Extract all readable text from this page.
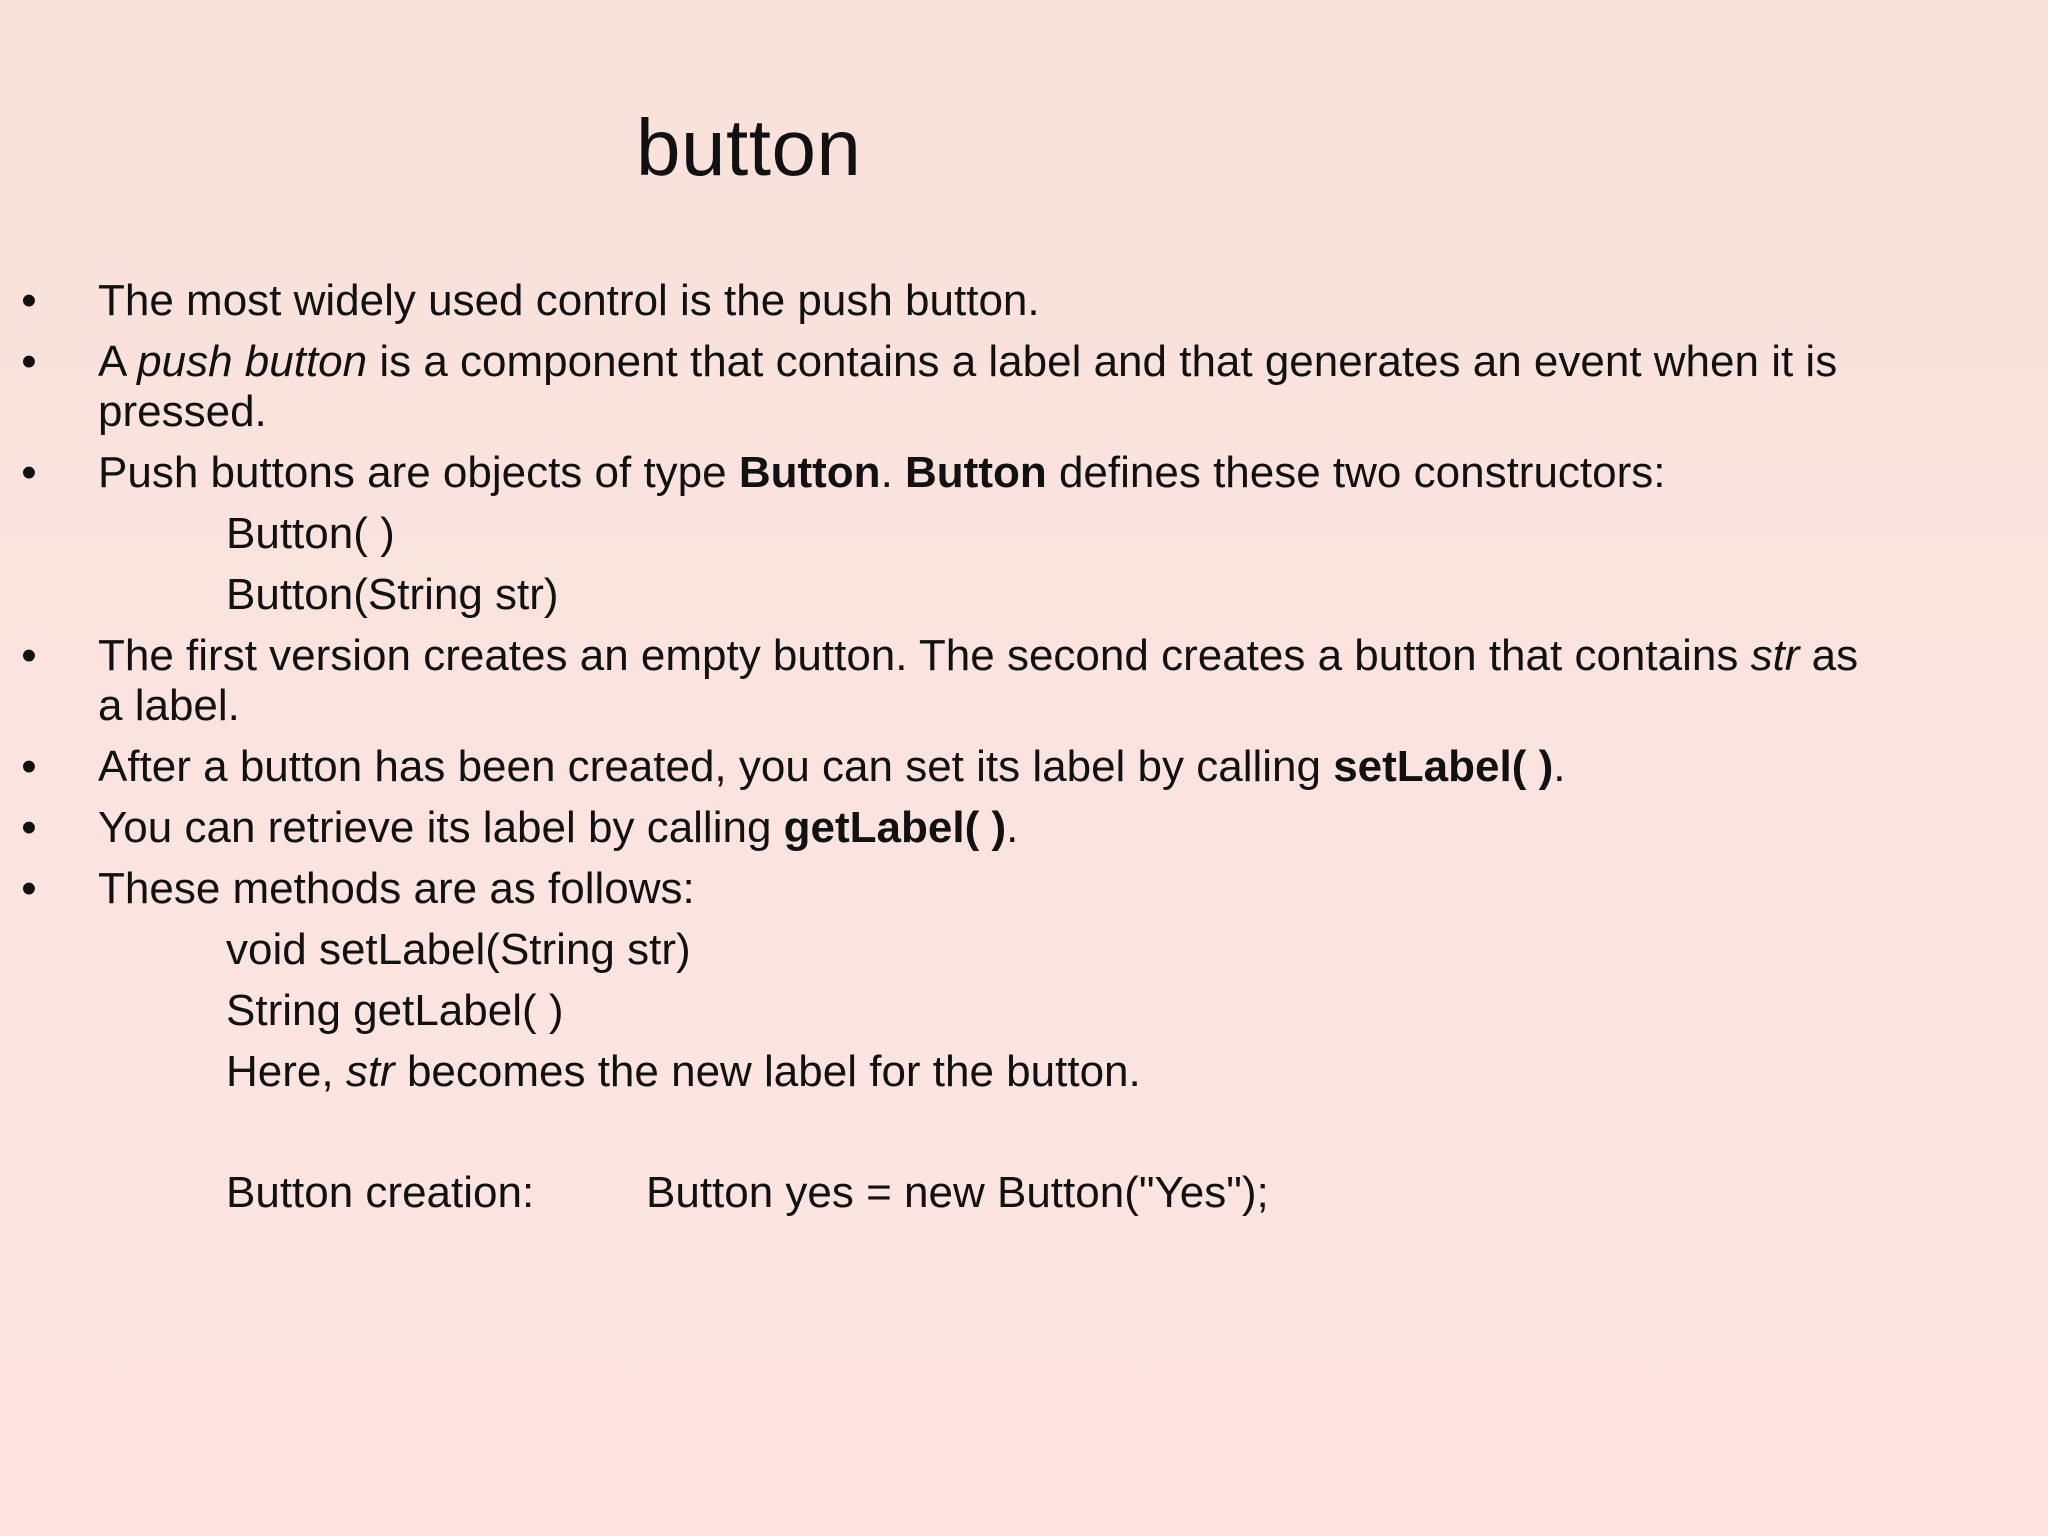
button
• The most widely used control is the push button.
• A push button is a component that contains a label and that generates an event when it is pressed.
• Push buttons are objects of type Button. Button defines these two constructors:
Button( )
Button(String str)
• The first version creates an empty button. The second creates a button that contains str as a label.
• After a button has been created, you can set its label by calling setLabel( ).
• You can retrieve its label by calling getLabel( ).
• These methods are as follows:
void setLabel(String str)
String getLabel( )
Here, str becomes the new label for the button.
Button creation:	Button yes = new Button("Yes");
